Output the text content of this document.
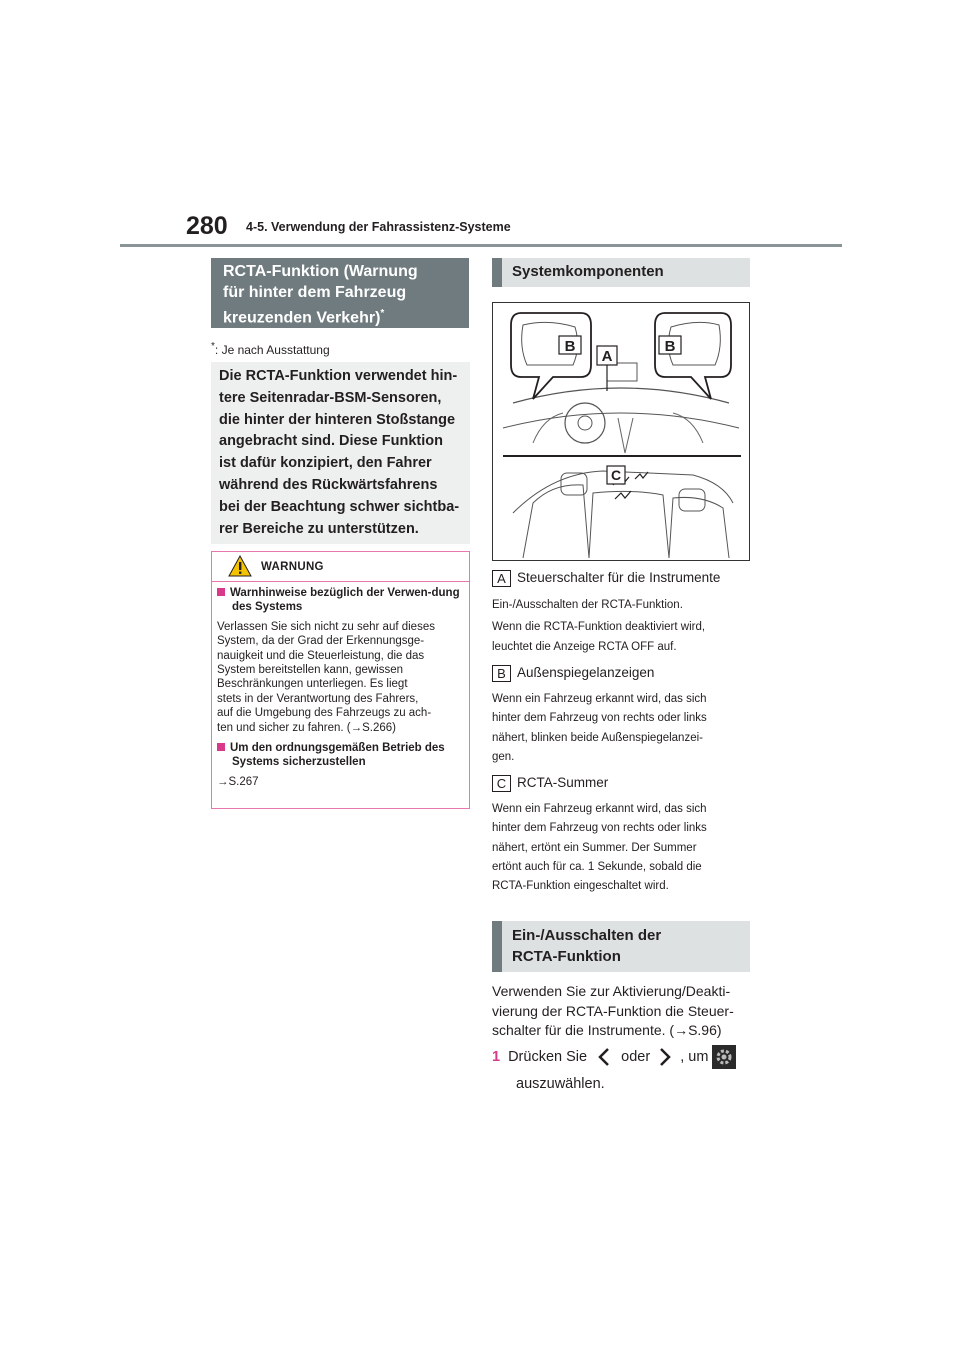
280 4-5. Verwendung der Fahrassistenz-Systeme
RCTA-Funktion (Warnung
für hinter dem Fahrzeug
kreuzenden Verkehr)*
*: Je nach Ausstattung
Die RCTA-Funktion verwendet hin-
tere Seitenradar-BSM-Sensoren,
die hinter der hinteren Stoßstange
angebracht sind. Diese Funktion
ist dafür konzipiert, den Fahrer
während des Rückwärtsfahrens
bei der Beachtung schwer sichtba-
rer Bereiche zu unterstützen.
WARNUNG
Warnhinweise bezüglich der Verwen-dung des Systems
Verlassen Sie sich nicht zu sehr auf dieses
System, da der Grad der Erkennungsge-
nauigkeit und die Steuerleistung, die das
System bereitstellen kann, gewissen
Beschränkungen unterliegen. Es liegt
stets in der Verantwortung des Fahrers,
auf die Umgebung des Fahrzeugs zu ach-
ten und sicher zu fahren. (→S.266)
Um den ordnungsgemäßen Betrieb des Systems sicherzustellen
→S.267
Systemkomponenten
B	B
A
C
A Steuerschalter für die Instrumente
Ein-/Ausschalten der RCTA-Funktion.
Wenn die RCTA-Funktion deaktiviert wird,
leuchtet die Anzeige RCTA OFF auf.
B Außenspiegelanzeigen
Wenn ein Fahrzeug erkannt wird, das sich
hinter dem Fahrzeug von rechts oder links
nähert, blinken beide Außenspiegelanzei-
gen.
C RCTA-Summer
Wenn ein Fahrzeug erkannt wird, das sich
hinter dem Fahrzeug von rechts oder links
nähert, ertönt ein Summer. Der Summer
ertönt auch für ca. 1 Sekunde, sobald die
RCTA-Funktion eingeschaltet wird.
Ein-/Ausschalten der
RCTA-Funktion
Verwenden Sie zur Aktivierung/Deakti-
vierung der RCTA-Funktion die Steuer-
schalter für die Instrumente. (→S.96)
1 Drücken Sie oder , um
auszuwählen.
